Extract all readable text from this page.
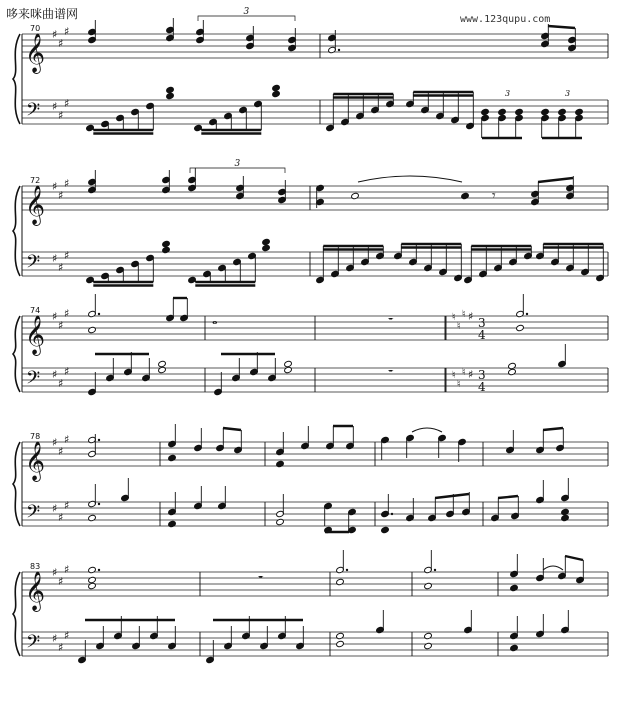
哆来咪曲谱网	www.123qupu.com
70
𝄞 ♯
♯
♯
𝄢 ♯
♯
♯
3
72
𝄞 ♯
♯
♯
𝄢 ♯
♯
♯
3
74
𝄞 ♯
♯
♯	♮
♮
♮ ♯ 3
4
𝄢 ♯
♯
♯	♮
♮
♮ ♯ 3
4
78
𝄞 ♯
♯
♯
𝄢 ♯
♯
♯
83
𝄞 ♯
♯
♯
𝄢 ♯
♯
♯
3	3
𝄾
𝅝	𝄻
𝄻
𝄻
